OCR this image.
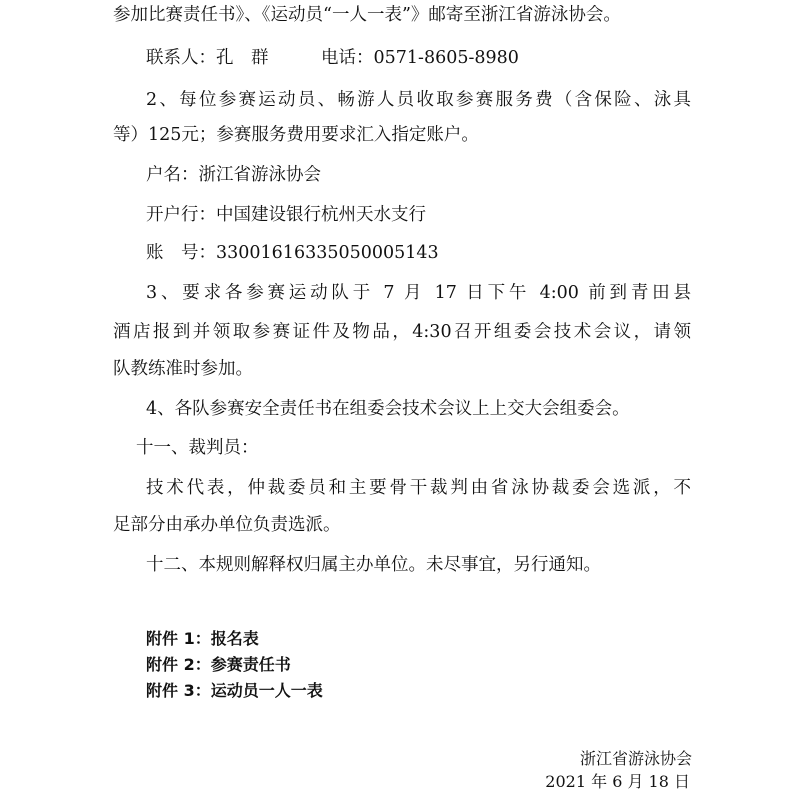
参加比赛责任书》、《运动员“一人一表”》邮寄至浙江省游泳协会。
联系人：孔　群　　　电话：0571-8605-8980
2、每位参赛运动员、畅游人员收取参赛服务费（含保险、泳具
等）125元；参赛服务费用要求汇入指定账户。
户名：浙江省游泳协会
开户行：中国建设银行杭州天水支行
账　号：33001616335050005143
3、要求各参赛运动队于 7 月 17 日下午 4:00 前到青田县
酒店报到并领取参赛证件及物品，4:30召开组委会技术会议，请领
队教练准时参加。
4、各队参赛安全责任书在组委会技术会议上上交大会组委会。
十一、裁判员：
技术代表，仲裁委员和主要骨干裁判由省泳协裁委会选派，不
足部分由承办单位负责选派。
十二、本规则解释权归属主办单位。未尽事宜，另行通知。
附件 1：报名表
附件 2：参赛责任书
附件 3：运动员一人一表
浙江省游泳协会
2021 年 6 月 18 日
